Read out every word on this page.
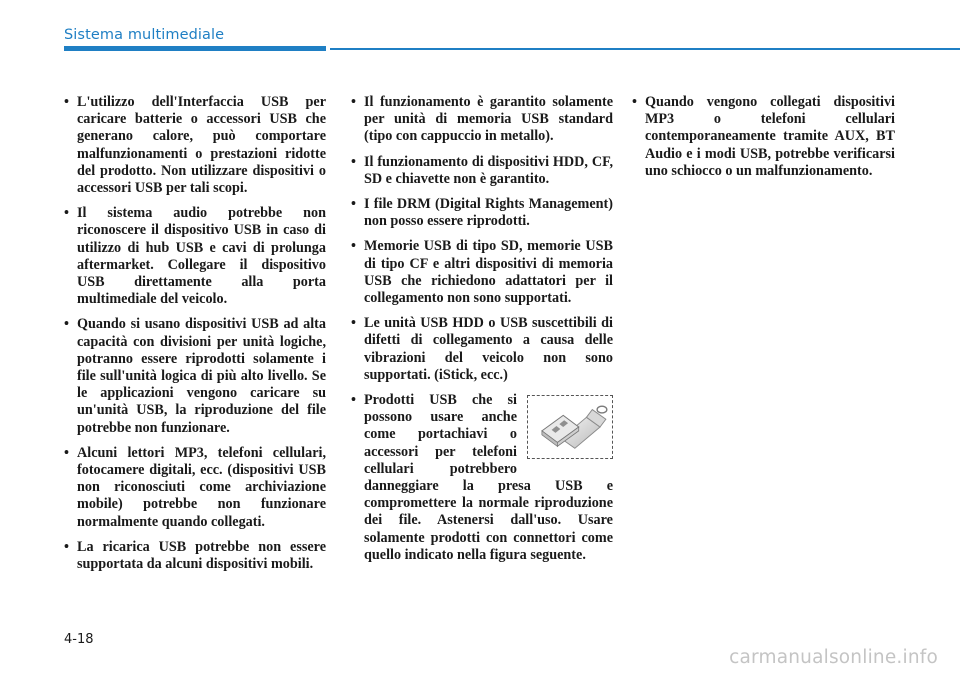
Sistema multimediale
• L'utilizzo dell'Interfaccia USB per caricare batterie o accessori USB che generano calore, può comportare malfunzionamenti o prestazioni ridotte del prodotto. Non utilizzare dispositivi o accessori USB per tali scopi.
• Il sistema audio potrebbe non riconoscere il dispositivo USB in caso di utilizzo di hub USB e cavi di prolunga aftermarket. Collegare il dispositivo USB direttamente alla porta multimediale del veicolo.
• Quando si usano dispositivi USB ad alta capacità con divisioni per unità logiche, potranno essere riprodotti solamente i file sull'unità logica di più alto livello. Se le applicazioni vengono caricare su un'unità USB, la riproduzione del file potrebbe non funzionare.
• Alcuni lettori MP3, telefoni cellulari, fotocamere digitali, ecc. (dispositivi USB non riconosciuti come archiviazione mobile) potrebbe non funzionare normalmente quando collegati.
• La ricarica USB potrebbe non essere supportata da alcuni dispositivi mobili.
• Il funzionamento è garantito solamente per unità di memoria USB standard (tipo con cappuccio in metallo).
• Il funzionamento di dispositivi HDD, CF, SD e chiavette non è garantito.
• I file DRM (Digital Rights Management) non posso essere riprodotti.
• Memorie USB di tipo SD, memorie USB di tipo CF e altri dispositivi di memoria USB che richiedono adattatori per il collegamento non sono supportati.
• Le unità USB HDD o USB suscettibili di difetti di collegamento a causa delle vibrazioni del veicolo non sono supportati. (iStick, ecc.)
• Prodotti USB che si possono usare anche come portachiavi o accessori per telefoni cellulari potrebbero danneggiare la presa USB e compromettere la normale riproduzione dei file. Astenersi dall'uso. Usare solamente prodotti con connettori come quello indicato nella figura seguente.
• Quando vengono collegati dispositivi MP3 o telefoni cellulari contemporaneamente tramite AUX, BT Audio e i modi USB, potrebbe verificarsi uno schiocco o un malfunzionamento.
4-18
carmanualsonline.info
